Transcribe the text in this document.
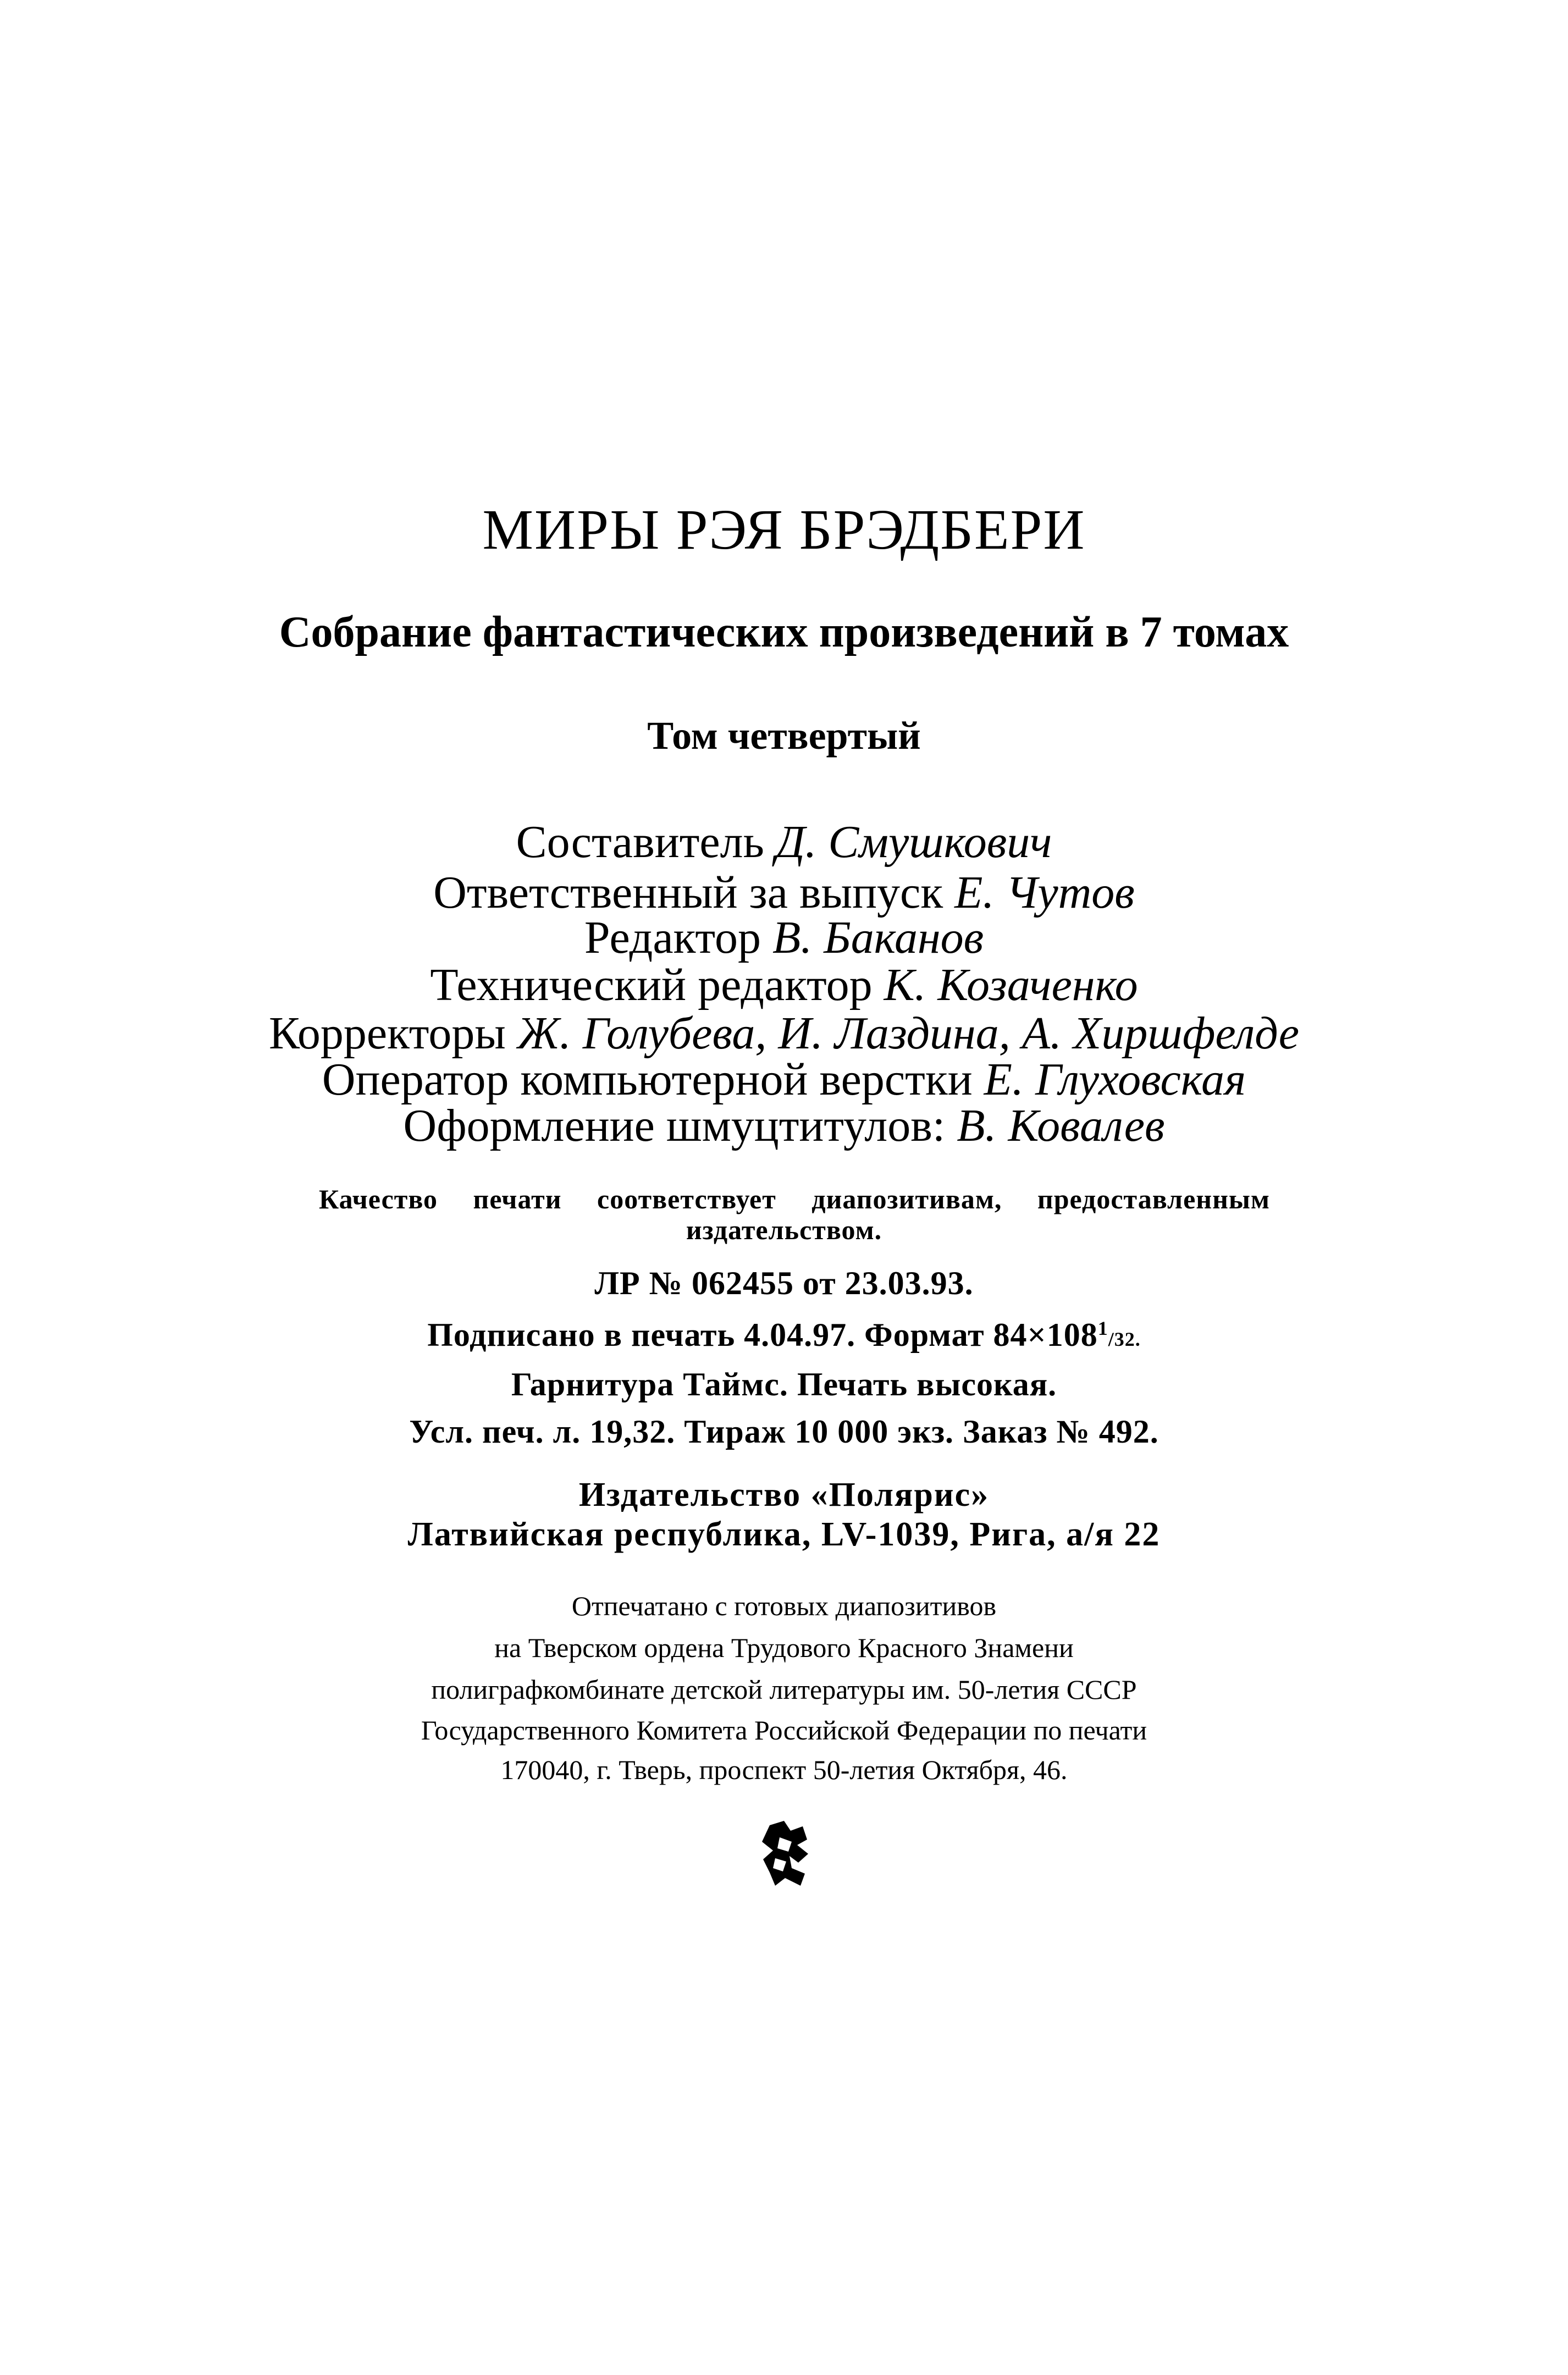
МИРЫ РЭЯ БРЭДБЕРИ

Собрание фантастических произведений в 7 томах

Том четвертый

Составитель Д. Смушкович

Ответственный за выпуск Е. Чутов

Редактор В. Баканов

Технический редактор К. Козаченко

Корректоры Ж. Голубева, И. Лаздина, А. Хиршфелде

Оператор компьютерной верстки Е. Глуховская

Оформление шмуцтитулов: В. Ковалев

Качество печати соответствует диапозитивам, предоставленным

издательством.

ЛР № 062455 от 23.03.93.

Подписано в печать 4.04.97. Формат $84\times 108^1/32$.

Гарнитура Таймс. Печать высокая.

Усл. печ. л. 19,32. Тираж 10 000 экз. Заказ № 492.

Издательство «Полярис»

Латвийская республика, LV-1039, Рига, а/я 22

Отпечатано с готовых диапозитивов

на Тверском ордена Трудового Красного Знамени

полиграфкомбинате детской литературы им. 50-летия СССР

Государственного Комитета Российской Федерации по печати

170040, г. Тверь, проспект 50-летия Октября, 46.
